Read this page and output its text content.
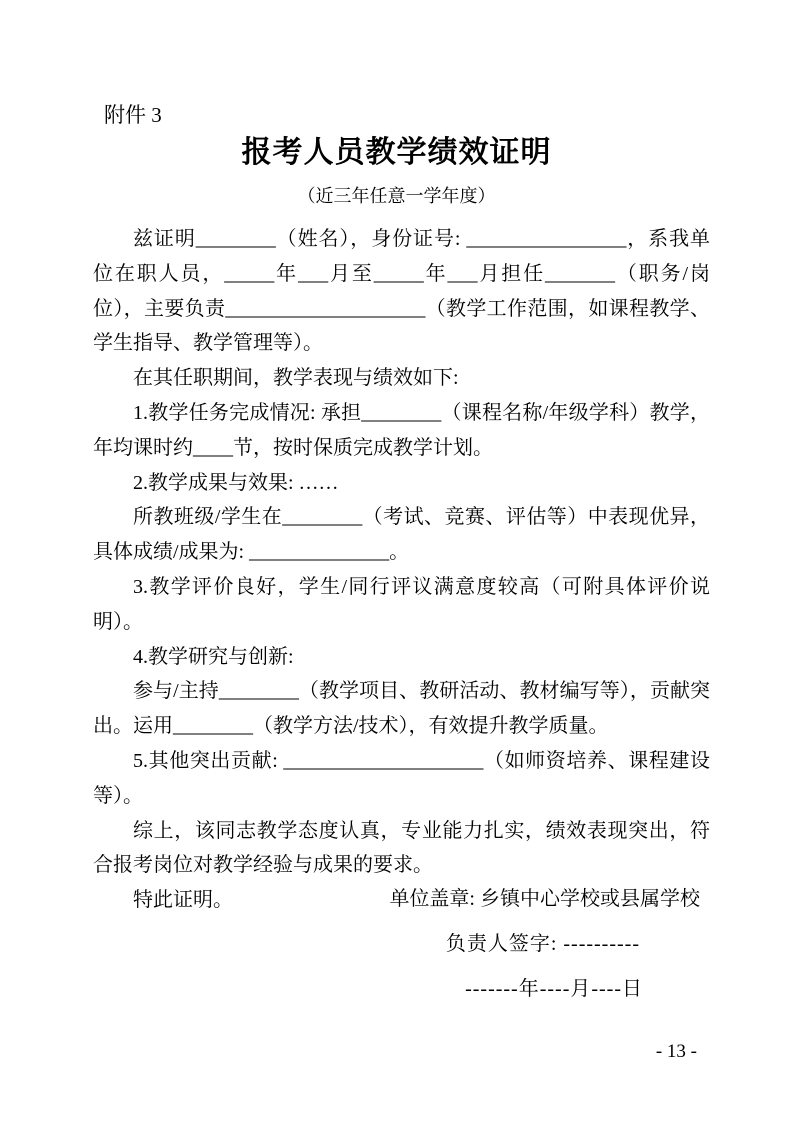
附件 3
报考人员教学绩效证明
（近三年任意一学年度）

兹证明________（姓名），身份证号: ________________，系我单位在职人员，_____年___月至_____年___月担任_______（职务/岗位），主要负责____________________（教学工作范围，如课程教学、学生指导、教学管理等）。

在其任职期间，教学表现与绩效如下:

1.教学任务完成情况: 承担________（课程名称/年级学科）教学，年均课时约____节，按时保质完成教学计划。

2.教学成果与效果: ……

所教班级/学生在________（考试、竞赛、评估等）中表现优异，具体成绩/成果为: ______________。

3.教学评价良好，学生/同行评议满意度较高（可附具体评价说明）。

4.教学研究与创新:

参与/主持________（教学项目、教研活动、教材编写等），贡献突出。运用________（教学方法/技术），有效提升教学质量。

5.其他突出贡献: ____________________（如师资培养、课程建设等）。

综上，该同志教学态度认真，专业能力扎实，绩效表现突出，符合报考岗位对教学经验与成果的要求。

特此证明。	单位盖章: 乡镇中心学校或县属学校
负责人签字: ----------
-------年----月----日
- 13 -
